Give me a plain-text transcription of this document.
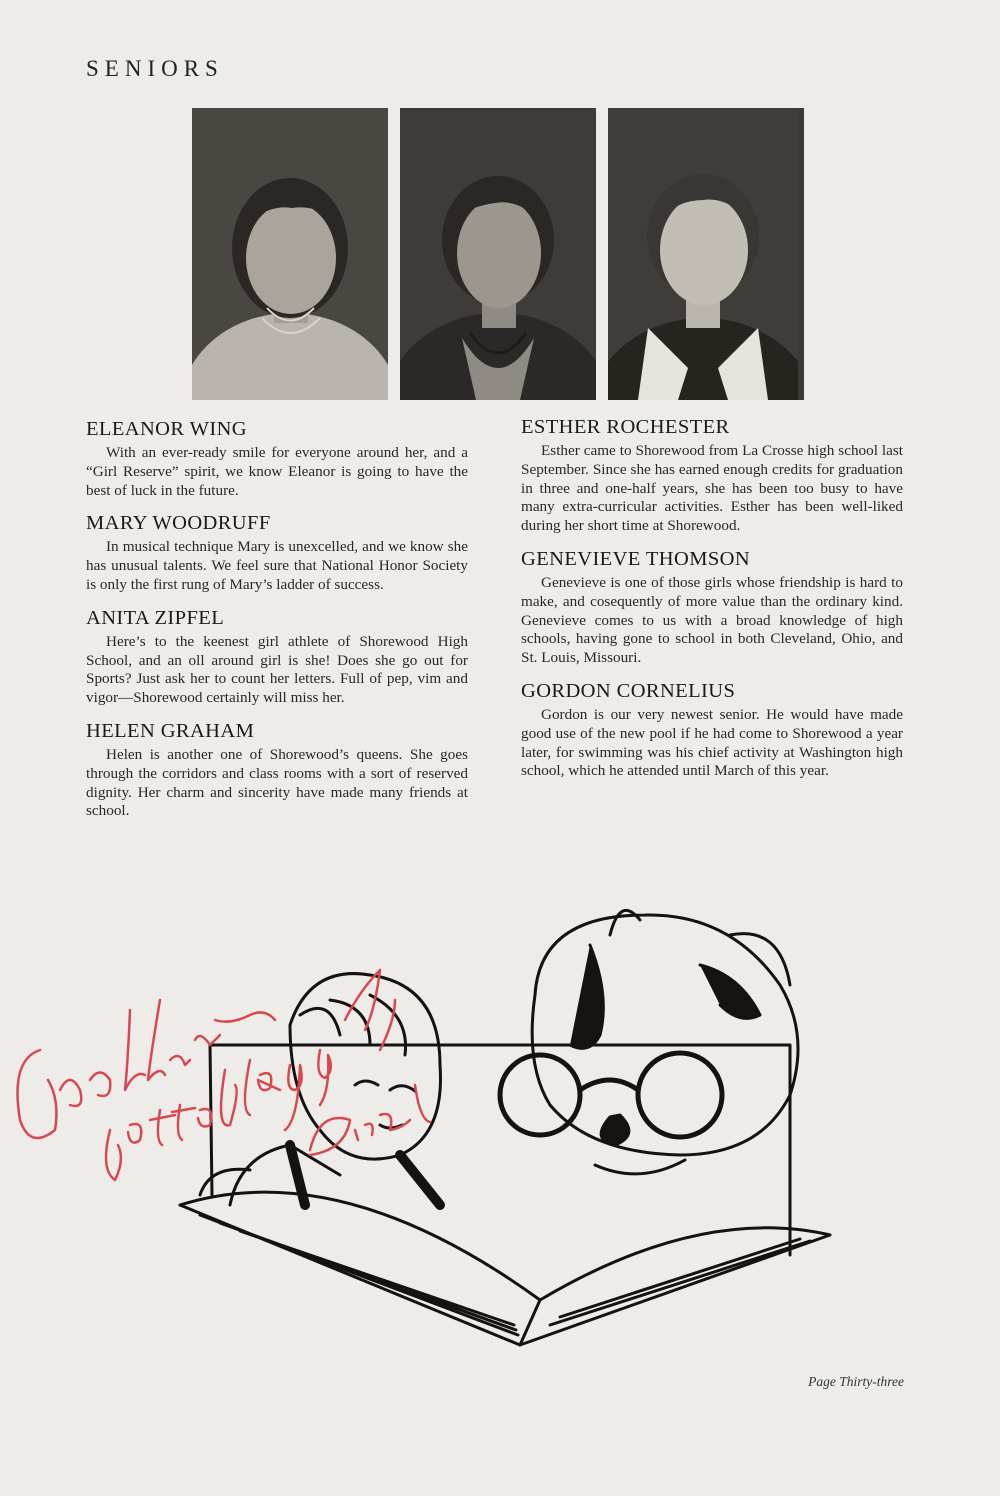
SENIORS
ELEANOR WING

With an ever-ready smile for everyone around her, and a “Girl Reserve” spirit, we know Eleanor is going to have the best of luck in the future.

MARY WOODRUFF

In musical technique Mary is unexcelled, and we know she has unusual talents. We feel sure that National Honor Society is only the first rung of Mary’s ladder of success.

ANITA ZIPFEL

Here’s to the keenest girl athlete of Shorewood High School, and an oll around girl is she! Does she go out for Sports? Just ask her to count her letters. Full of pep, vim and vigor—Shorewood certainly will miss her.

HELEN GRAHAM

Helen is another one of Shorewood’s queens. She goes through the corridors and class rooms with a sort of reserved dignity. Her charm and sincerity have made many friends at school.

ESTHER ROCHESTER

Esther came to Shorewood from La Crosse high school last September. Since she has earned enough credits for graduation in three and one-half years, she has been too busy to have many extra-curricular activities. Esther has been well-liked during her short time at Shorewood.

GENEVIEVE THOMSON

Genevieve is one of those girls whose friendship is hard to make, and cosequently of more value than the ordinary kind. Genevieve comes to us with a broad knowledge of high schools, having gone to school in both Cleveland, Ohio, and St. Louis, Missouri.

GORDON CORNELIUS

Gordon is our very newest senior. He would have made good use of the new pool if he had come to Shorewood a year later, for swimming was his chief activity at Washington high school, which he attended until March of this year.

Page Thirty-three
